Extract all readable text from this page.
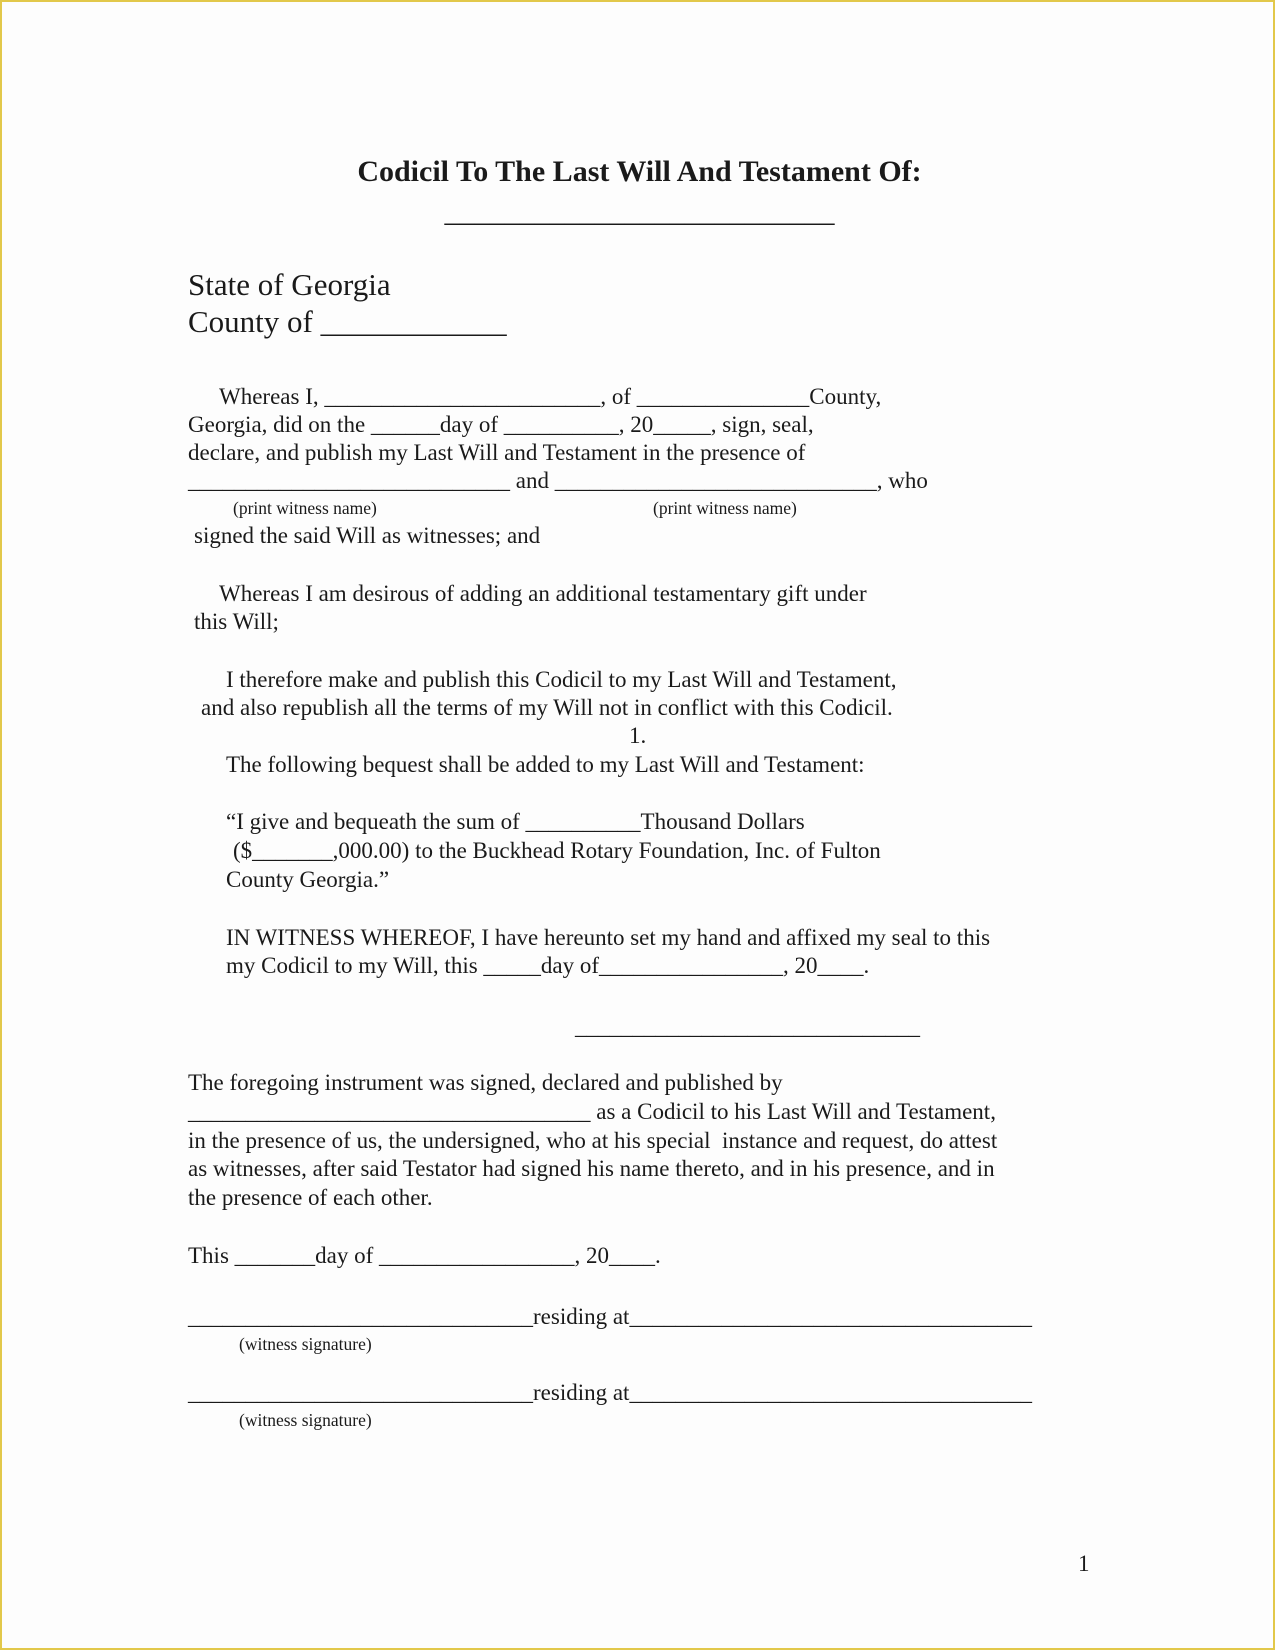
Codicil To The Last Will And Testament Of:
__________________________
State of Georgia
County of ____________
Whereas I, ________________________, of _______________County,
Georgia, did on the ______day of __________, 20_____, sign, seal,
declare, and publish my Last Will and Testament in the presence of
____________________________ and ____________________________, who
(print witness name)	(print witness name)
signed the said Will as witnesses; and
Whereas I am desirous of adding an additional testamentary gift under
this Will;
I therefore make and publish this Codicil to my Last Will and Testament,
and also republish all the terms of my Will not in conflict with this Codicil.
1.
The following bequest shall be added to my Last Will and Testament:
“I give and bequeath the sum of __________Thousand Dollars
($_______,000.00) to the Buckhead Rotary Foundation, Inc. of Fulton
County Georgia.”
IN WITNESS WHEREOF, I have hereunto set my hand and affixed my seal to this
my Codicil to my Will, this _____day of________________, 20____.
______________________________
The foregoing instrument was signed, declared and published by
___________________________________ as a Codicil to his Last Will and Testament,
in the presence of us, the undersigned, who at his special  instance and request, do attest
as witnesses, after said Testator had signed his name thereto, and in his presence, and in
the presence of each other.
This _______day of _________________, 20____.
______________________________residing at___________________________________
(witness signature)
______________________________residing at___________________________________
(witness signature)
1
